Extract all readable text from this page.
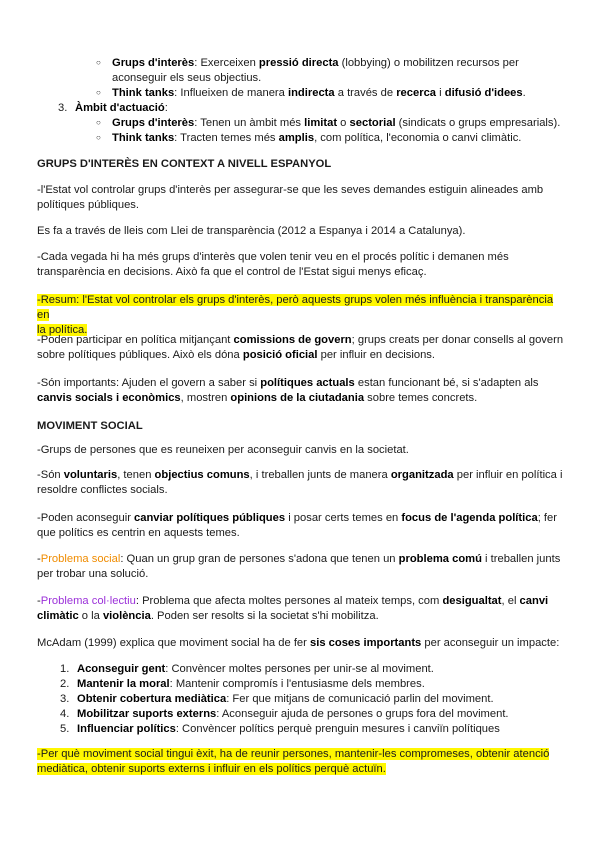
○ Grups d'interès: Exerceixen pressió directa (lobbying) o mobilitzen recursos per
aconseguir els seus objectius.
○ Think tanks: Influeixen de manera indirecta a través de recerca i difusió d'idees.
3. Àmbit d'actuació:
○ Grups d'interès: Tenen un àmbit més limitat o sectorial (sindicats o grups empresarials).
○ Think tanks: Tracten temes més amplis, com política, l'economia o canvi climàtic.
GRUPS D'INTERÈS EN CONTEXT A NIVELL ESPANYOL
-l'Estat vol controlar grups d'interès per assegurar-se que les seves demandes estiguin alineades amb
polítiques públiques.
Es fa a través de lleis com Llei de transparència (2012 a Espanya i 2014 a Catalunya).
-Cada vegada hi ha més grups d'interès que volen tenir veu en el procés polític i demanen més
transparència en decisions. Això fa que el control de l'Estat sigui menys eficaç.
-Resum: l'Estat vol controlar els grups d'interès, però aquests grups volen més influència i transparència en
la política.
-Poden participar en política mitjançant comissions de govern; grups creats per donar consells al govern
sobre polítiques públiques. Això els dóna posició oficial per influir en decisions.
-Són importants: Ajuden el govern a saber si polítiques actuals estan funcionant bé, si s'adapten als
canvis socials i econòmics, mostren opinions de la ciutadania sobre temes concrets.
MOVIMENT SOCIAL
-Grups de persones que es reuneixen per aconseguir canvis en la societat.
-Són voluntaris, tenen objectius comuns, i treballen junts de manera organitzada per influir en política i
resoldre conflictes socials.
-Poden aconseguir canviar polítiques públiques i posar certs temes en focus de l'agenda política; fer
que polítics es centrin en aquests temes.
-Problema social: Quan un grup gran de persones s'adona que tenen un problema comú i treballen junts
per trobar una solució.
-Problema col·lectiu: Problema que afecta moltes persones al mateix temps, com desigualtat, el canvi
climàtic o la violència. Poden ser resolts si la societat s'hi mobilitza.
McAdam (1999) explica que moviment social ha de fer sis coses importants per aconseguir un impacte:
1. Aconseguir gent: Convèncer moltes persones per unir-se al moviment.
2. Mantenir la moral: Mantenir compromís i l'entusiasme dels membres.
3. Obtenir cobertura mediàtica: Fer que mitjans de comunicació parlin del moviment.
4. Mobilitzar suports externs: Aconseguir ajuda de persones o grups fora del moviment.
5. Influenciar polítics: Convèncer polítics perquè prenguin mesures i canviïn polítiques
-Per què moviment social tingui èxit, ha de reunir persones, mantenir-les compromeses, obtenir atenció
mediàtica, obtenir suports externs i influir en els polítics perquè actuïn.
